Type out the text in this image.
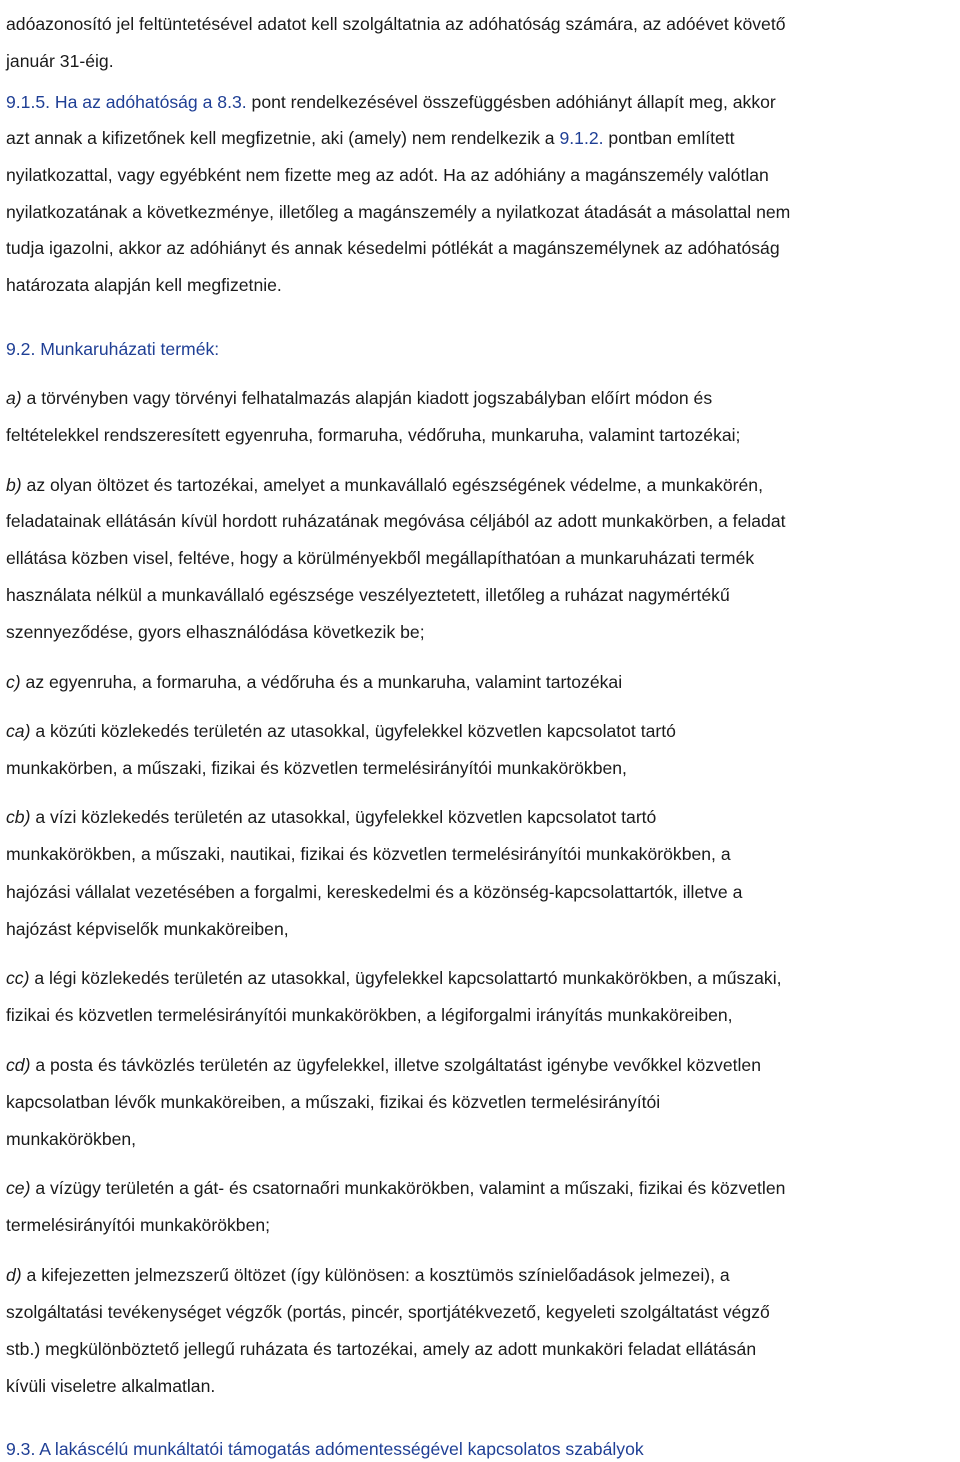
adóazonosító jel feltüntetésével adatot kell szolgáltatnia az adóhatóság számára, az adóévet követő
január 31-éig.
9.1.5. Ha az adóhatóság a 8.3. pont rendelkezésével összefüggésben adóhiányt állapít meg, akkor
azt annak a kifizetőnek kell megfizetnie, aki (amely) nem rendelkezik a 9.1.2. pontban említett
nyilatkozattal, vagy egyébként nem fizette meg az adót. Ha az adóhiány a magánszemély valótlan
nyilatkozatának a következménye, illetőleg a magánszemély a nyilatkozat átadását a másolattal nem
tudja igazolni, akkor az adóhiányt és annak késedelmi pótlékát a magánszemélynek az adóhatóság
határozata alapján kell megfizetnie.
9.2. Munkaruházati termék:
a) a törvényben vagy törvényi felhatalmazás alapján kiadott jogszabályban előírt módon és
feltételekkel rendszeresített egyenruha, formaruha, védőruha, munkaruha, valamint tartozékai;
b) az olyan öltözet és tartozékai, amelyet a munkavállaló egészségének védelme, a munkakörén,
feladatainak ellátásán kívül hordott ruházatának megóvása céljából az adott munkakörben, a feladat
ellátása közben visel, feltéve, hogy a körülményekből megállapíthatóan a munkaruházati termék
használata nélkül a munkavállaló egészsége veszélyeztetett, illetőleg a ruházat nagymértékű
szennyeződése, gyors elhasználódása következik be;
c) az egyenruha, a formaruha, a védőruha és a munkaruha, valamint tartozékai
ca) a közúti közlekedés területén az utasokkal, ügyfelekkel közvetlen kapcsolatot tartó
munkakörben, a műszaki, fizikai és közvetlen termelésirányítói munkakörökben,
cb) a vízi közlekedés területén az utasokkal, ügyfelekkel közvetlen kapcsolatot tartó
munkakörökben, a műszaki, nautikai, fizikai és közvetlen termelésirányítói munkakörökben, a
hajózási vállalat vezetésében a forgalmi, kereskedelmi és a közönség-kapcsolattartók, illetve a
hajózást képviselők munkaköreiben,
cc) a légi közlekedés területén az utasokkal, ügyfelekkel kapcsolattartó munkakörökben, a műszaki,
fizikai és közvetlen termelésirányítói munkakörökben, a légiforgalmi irányítás munkaköreiben,
cd) a posta és távközlés területén az ügyfelekkel, illetve szolgáltatást igénybe vevőkkel közvetlen
kapcsolatban lévők munkaköreiben, a műszaki, fizikai és közvetlen termelésirányítói
munkakörökben,
ce) a vízügy területén a gát- és csatornaőri munkakörökben, valamint a műszaki, fizikai és közvetlen
termelésirányítói munkakörökben;
d) a kifejezetten jelmezszerű öltözet (így különösen: a kosztümös színielőadások jelmezei), a
szolgáltatási tevékenységet végzők (portás, pincér, sportjátékvezető, kegyeleti szolgáltatást végző
stb.) megkülönböztető jellegű ruházata és tartozékai, amely az adott munkaköri feladat ellátásán
kívüli viseletre alkalmatlan.
9.3. A lakáscélú munkáltatói támogatás adómentességével kapcsolatos szabályok
